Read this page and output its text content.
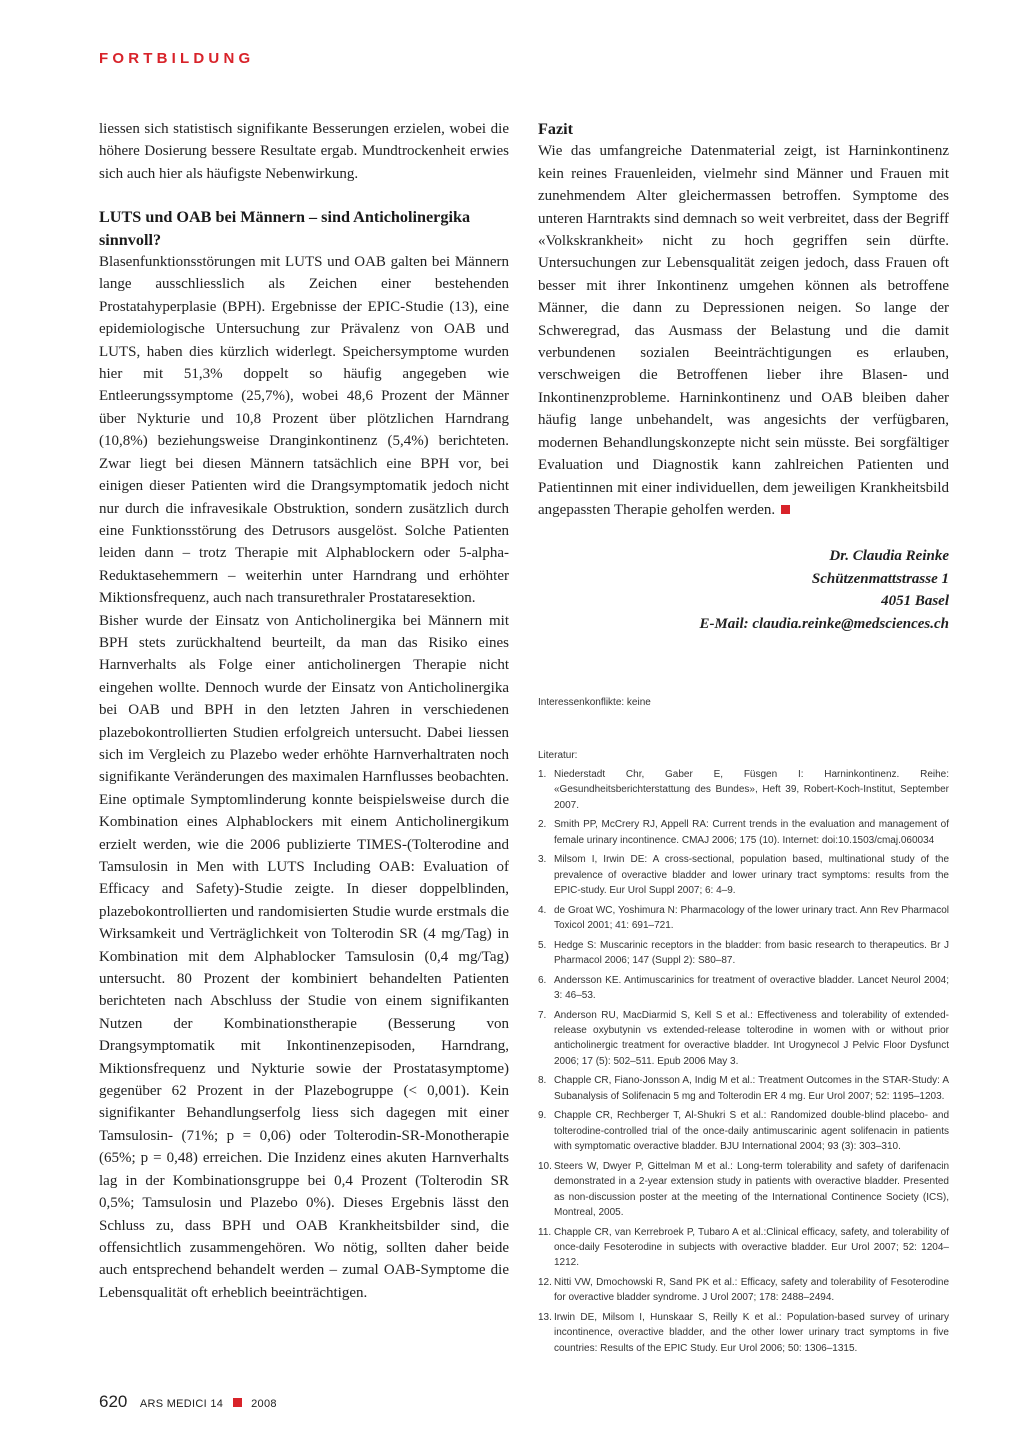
FORTBILDUNG

liessen sich statistisch signifikante Besserungen erzielen, wobei die höhere Dosierung bessere Resultate ergab. Mundtrockenheit erwies sich auch hier als häufigste Nebenwirkung.

LUTS und OAB bei Männern – sind Anticholinergika sinnvoll?

Blasenfunktionsstörungen mit LUTS und OAB galten bei Männern lange ausschliesslich als Zeichen einer bestehenden Prostatahyperplasie (BPH). Ergebnisse der EPIC-Studie (13), eine epidemiologische Untersuchung zur Prävalenz von OAB und LUTS, haben dies kürzlich widerlegt. Speichersymptome wurden hier mit 51,3% doppelt so häufig angegeben wie Entleerungssymptome (25,7%), wobei 48,6 Prozent der Männer über Nykturie und 10,8 Prozent über plötzlichen Harndrang (10,8%) beziehungsweise Dranginkontinenz (5,4%) berichteten. Zwar liegt bei diesen Männern tatsächlich eine BPH vor, bei einigen dieser Patienten wird die Drangsymptomatik jedoch nicht nur durch die infravesikale Obstruktion, sondern zusätzlich durch eine Funktionsstörung des Detrusors ausgelöst. Solche Patienten leiden dann – trotz Therapie mit Alphablockern oder 5-alpha-Reduktasehemmern – weiterhin unter Harndrang und erhöhter Miktionsfrequenz, auch nach transurethraler Prostataresektion.

Bisher wurde der Einsatz von Anticholinergika bei Männern mit BPH stets zurückhaltend beurteilt, da man das Risiko eines Harnverhalts als Folge einer anticholinergen Therapie nicht eingehen wollte. Dennoch wurde der Einsatz von Anticholinergika bei OAB und BPH in den letzten Jahren in verschiedenen plazebokontrollierten Studien erfolgreich untersucht. Dabei liessen sich im Vergleich zu Plazebo weder erhöhte Harnverhaltraten noch signifikante Veränderungen des maximalen Harnflusses beobachten. Eine optimale Symptomlinderung konnte beispielsweise durch die Kombination eines Alphablockers mit einem Anticholinergikum erzielt werden, wie die 2006 publizierte TIMES-(Tolterodine and Tamsulosin in Men with LUTS Including OAB: Evaluation of Efficacy and Safety)-Studie zeigte. In dieser doppelblinden, plazebokontrollierten und randomisierten Studie wurde erstmals die Wirksamkeit und Verträglichkeit von Tolterodin SR (4 mg/Tag) in Kombination mit dem Alphablocker Tamsulosin (0,4 mg/Tag) untersucht. 80 Prozent der kombiniert behandelten Patienten berichteten nach Abschluss der Studie von einem signifikanten Nutzen der Kombinationstherapie (Besserung von Drangsymptomatik mit Inkontinenzepisoden, Harndrang, Miktionsfrequenz und Nykturie sowie der Prostatasymptome) gegenüber 62 Prozent in der Plazebogruppe (< 0,001). Kein signifikanter Behandlungserfolg liess sich dagegen mit einer Tamsulosin- (71%; p = 0,06) oder Tolterodin-SR-Monotherapie (65%; p = 0,48) erreichen. Die Inzidenz eines akuten Harnverhalts lag in der Kombinationsgruppe bei 0,4 Prozent (Tolterodin SR 0,5%; Tamsulosin und Plazebo 0%). Dieses Ergebnis lässt den Schluss zu, dass BPH und OAB Krankheitsbilder sind, die offensichtlich zusammengehören. Wo nötig, sollten daher beide auch entsprechend behandelt werden – zumal OAB-Symptome die Lebensqualität oft erheblich beeinträchtigen.

Fazit

Wie das umfangreiche Datenmaterial zeigt, ist Harninkontinenz kein reines Frauenleiden, vielmehr sind Männer und Frauen mit zunehmendem Alter gleichermassen betroffen. Symptome des unteren Harntrakts sind demnach so weit verbreitet, dass der Begriff «Volkskrankheit» nicht zu hoch gegriffen sein dürfte. Untersuchungen zur Lebensqualität zeigen jedoch, dass Frauen oft besser mit ihrer Inkontinenz umgehen können als betroffene Männer, die dann zu Depressionen neigen. So lange der Schweregrad, das Ausmass der Belastung und die damit verbundenen sozialen Beeinträchtigungen es erlauben, verschweigen die Betroffenen lieber ihre Blasen- und Inkontinenzprobleme. Harninkontinenz und OAB bleiben daher häufig lange unbehandelt, was angesichts der verfügbaren, modernen Behandlungskonzepte nicht sein müsste. Bei sorgfältiger Evaluation und Diagnostik kann zahlreichen Patienten und Patientinnen mit einer individuellen, dem jeweiligen Krankheitsbild angepassten Therapie geholfen werden.

Dr. Claudia Reinke
Schützenmattstrasse 1
4051 Basel
E-Mail: claudia.reinke@medsciences.ch
Interessenkonflikte: keine
Literatur:
1. Niederstadt Chr, Gaber E, Füsgen I: Harninkontinenz. Reihe: «Gesundheitsberichterstattung des Bundes», Heft 39, Robert-Koch-Institut, September 2007.
2. Smith PP, McCrery RJ, Appell RA: Current trends in the evaluation and management of female urinary incontinence. CMAJ 2006; 175 (10). Internet: doi:10.1503/cmaj.060034
3. Milsom I, Irwin DE: A cross-sectional, population based, multinational study of the prevalence of overactive bladder and lower urinary tract symptoms: results from the EPIC-study. Eur Urol Suppl 2007; 6: 4–9.
4. de Groat WC, Yoshimura N: Pharmacology of the lower urinary tract. Ann Rev Pharmacol Toxicol 2001; 41: 691–721.
5. Hedge S: Muscarinic receptors in the bladder: from basic research to therapeutics. Br J Pharmacol 2006; 147 (Suppl 2): S80–87.
6. Andersson KE. Antimuscarinics for treatment of overactive bladder. Lancet Neurol 2004; 3: 46–53.
7. Anderson RU, MacDiarmid S, Kell S et al.: Effectiveness and tolerability of extended-release oxybutynin vs extended-release tolterodine in women with or without prior anticholinergic treatment for overactive bladder. Int Urogynecol J Pelvic Floor Dysfunct 2006; 17 (5): 502–511. Epub 2006 May 3.
8. Chapple CR, Fiano-Jonsson A, Indig M et al.: Treatment Outcomes in the STAR-Study: A Subanalysis of Solifenacin 5 mg and Tolterodin ER 4 mg. Eur Urol 2007; 52: 1195–1203.
9. Chapple CR, Rechberger T, Al-Shukri S et al.: Randomized double-blind placebo- and tolterodine-controlled trial of the once-daily antimuscarinic agent solifenacin in patients with symptomatic overactive bladder. BJU International 2004; 93 (3): 303–310.
10. Steers W, Dwyer P, Gittelman M et al.: Long-term tolerability and safety of darifenacin demonstrated in a 2-year extension study in patients with overactive bladder. Presented as non-discussion poster at the meeting of the International Continence Society (ICS), Montreal, 2005.
11. Chapple CR, van Kerrebroek P, Tubaro A et al.:Clinical efficacy, safety, and tolerability of once-daily Fesoterodine in subjects with overactive bladder. Eur Urol 2007; 52: 1204–1212.
12. Nitti VW, Dmochowski R, Sand PK et al.: Efficacy, safety and tolerability of Fesoterodine for overactive bladder syndrome. J Urol 2007; 178: 2488–2494.
13. Irwin DE, Milsom I, Hunskaar S, Reilly K et al.: Population-based survey of urinary incontinence, overactive bladder, and the other lower urinary tract symptoms in five countries: Results of the EPIC Study. Eur Urol 2006; 50: 1306–1315.
620 ARS MEDICI 14	2008
